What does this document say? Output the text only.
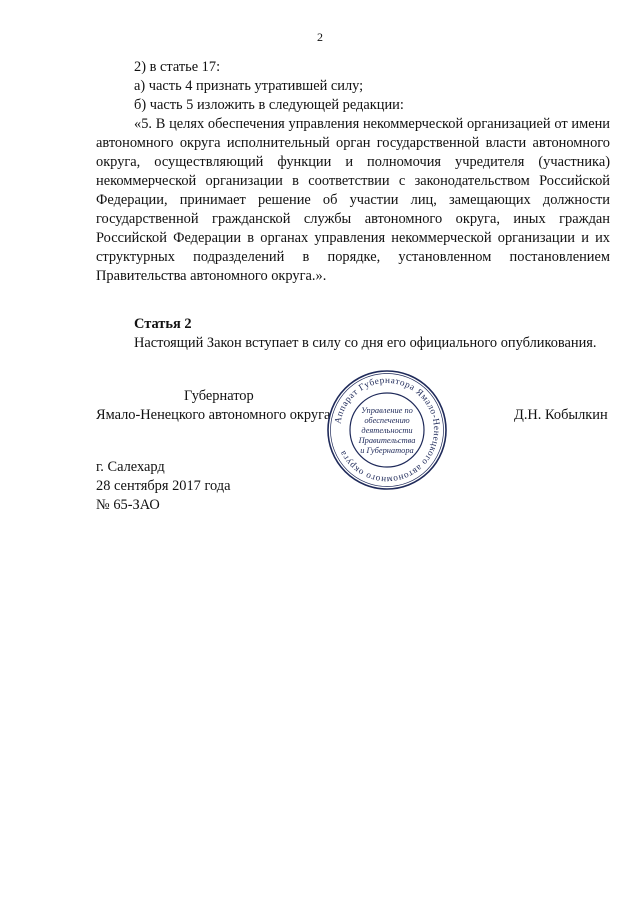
2

2) в статье 17:

а) часть 4 признать утратившей силу;

б) часть 5 изложить в следующей редакции:

«5. В целях обеспечения управления некоммерческой организацией от имени автономного округа исполнительный орган государственной власти автономного округа, осуществляющий функции и полномочия учредителя (участника) некоммерческой организации в соответствии с законодательством Российской Федерации, принимает решение об участии лиц, замещающих должности государственной гражданской службы автономного округа, иных граждан Российской Федерации в органах управления некоммерческой организации и их структурных подразделений в порядке, установленном постановлением Правительства автономного округа.».

Статья 2

Настоящий Закон вступает в силу со дня его официального опубликования.

Губернатор
Ямало-Ненецкого автономного округа	Д.Н. Кобылкин
Аппарат Губернатора Ямало-Ненецкого автономного округа
Управление по
обеспечению
деятельности
Правительства
и Губернатора
г. Салехард
28 сентября 2017 года
№ 65-ЗАО
